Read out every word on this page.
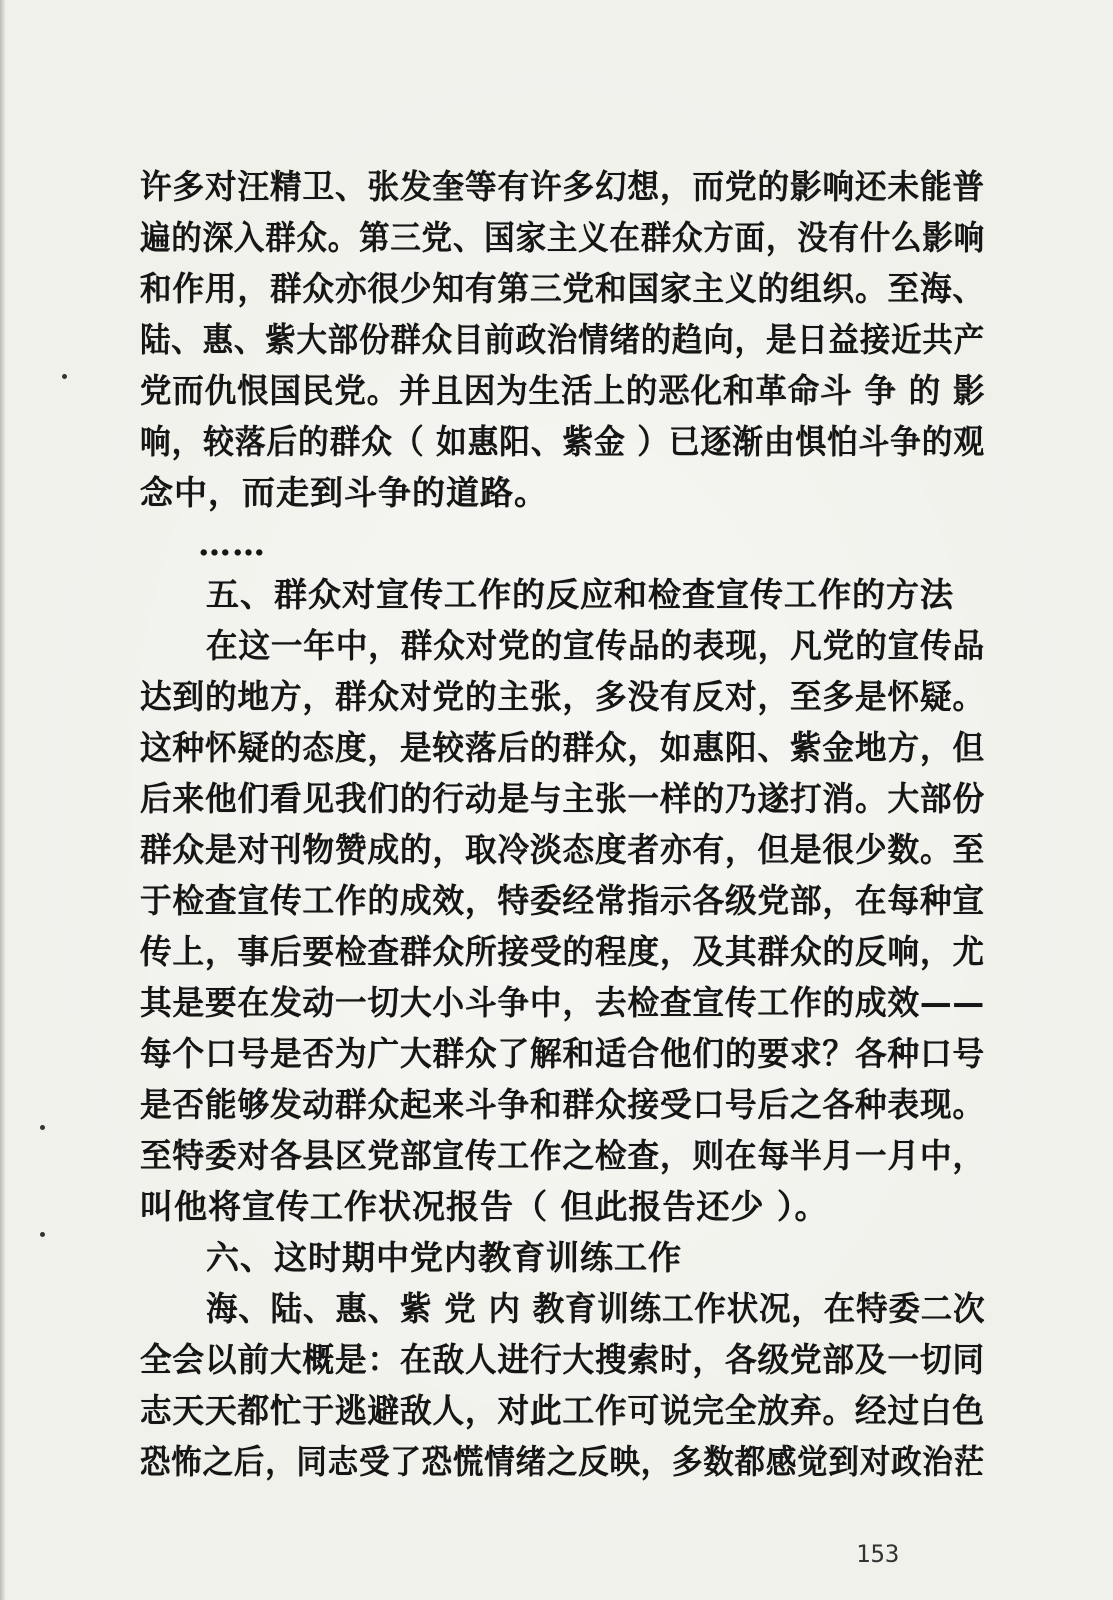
许多对汪精卫、张发奎等有许多幻想，而党的影响还未能普
遍的深入群众。第三党、国家主义在群众方面，没有什么影响
和作用，群众亦很少知有第三党和国家主义的组织。至海、
陆、惠、紫大部份群众目前政治情绪的趋向，是日益接近共产
党而仇恨国民党。并且因为生活上的恶化和革命斗 争 的 影
响，较落后的群众（ 如惠阳、紫金 ）已逐渐由惧怕斗争的观
念中，而走到斗争的道路。
……
五、群众对宣传工作的反应和检查宣传工作的方法
在这一年中，群众对党的宣传品的表现，凡党的宣传品
达到的地方，群众对党的主张，多没有反对，至多是怀疑。
这种怀疑的态度，是较落后的群众，如惠阳、紫金地方，但
后来他们看见我们的行动是与主张一样的乃遂打消。大部份
群众是对刊物赞成的，取冷淡态度者亦有，但是很少数。至
于检查宣传工作的成效，特委经常指示各级党部，在每种宣
传上，事后要检查群众所接受的程度，及其群众的反响，尤
其是要在发动一切大小斗争中，去检查宣传工作的成效——
每个口号是否为广大群众了解和适合他们的要求？各种口号
是否能够发动群众起来斗争和群众接受口号后之各种表现。
至特委对各县区党部宣传工作之检查，则在每半月一月中，
叫他将宣传工作状况报告（ 但此报告还少 ）。
六、这时期中党内教育训练工作
海、陆、惠、紫 党 内 教育训练工作状况，在特委二次
全会以前大概是：在敌人进行大搜索时，各级党部及一切同
志天天都忙于逃避敌人，对此工作可说完全放弃。经过白色
恐怖之后，同志受了恐慌情绪之反映，多数都感觉到对政治茫
153
